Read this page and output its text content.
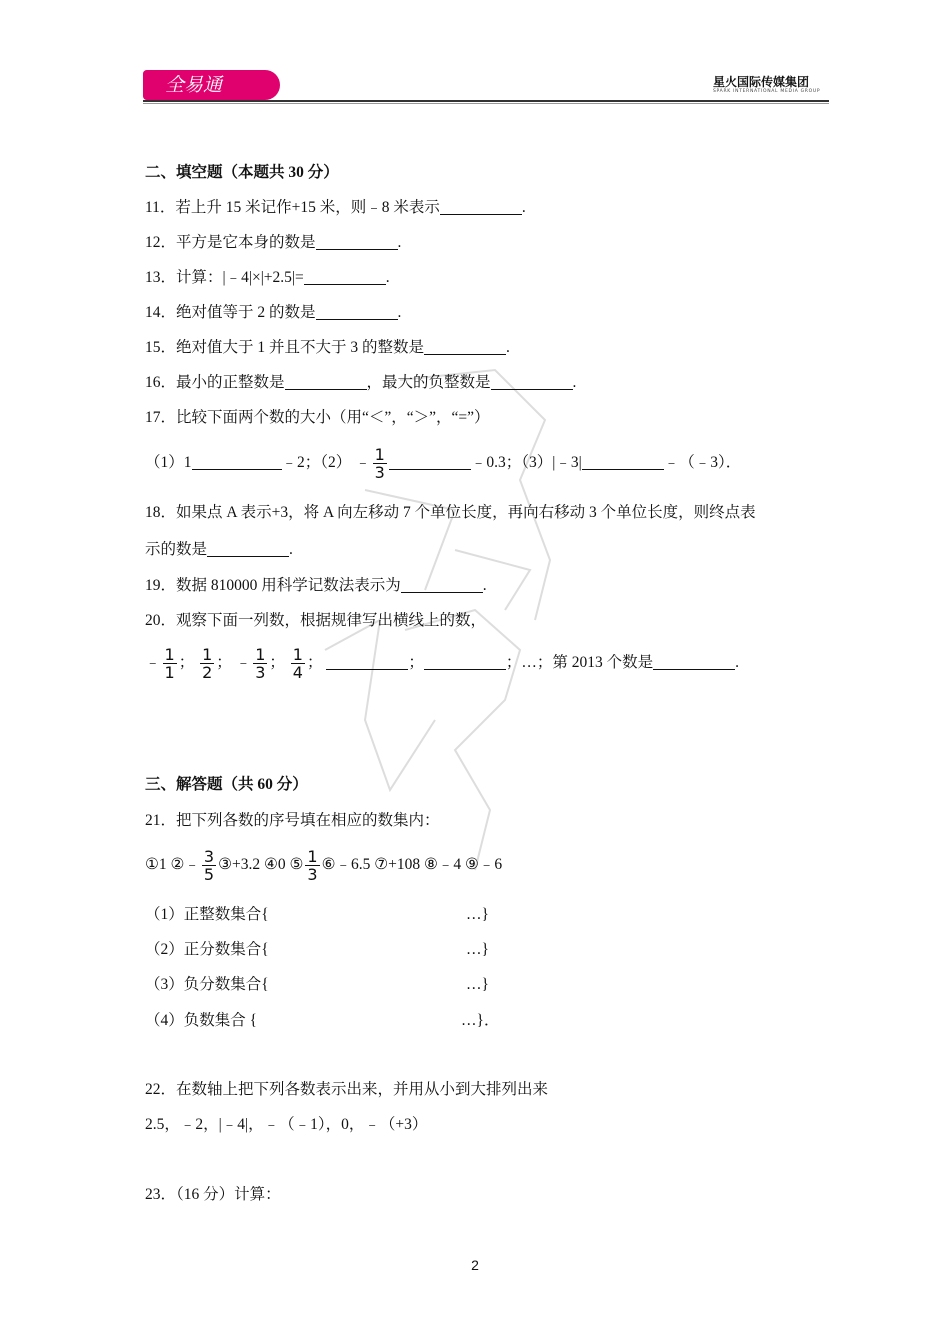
全易通	星火国际传媒集团
SPARK INTERNATIONAL MEDIA GROUP
二、填空题（本题共 30 分）
11．若上升 15 米记作+15 米，则﹣8 米表示	.
12．平方是它本身的数是	.
13．计算：|﹣4|×|+2.5|=	.
14．绝对值等于 2 的数是	.
15．绝对值大于 1 并且不大于 3 的整数是	.
16．最小的正整数是	，最大的负整数是	.
17．比较下面两个数的大小（用“＜”，“＞”，“=”）
（1）1	﹣2；（2） ﹣ $\frac{1}{3}$	﹣0.3；（3）|﹣3|	﹣（﹣3）．
18．如果点 A 表示+3，将 A 向左移动 7 个单位长度，再向右移动 3 个单位长度，则终点表
示的数是	.
19．数据 810000 用科学记数法表示为	.
20．观察下面一列数，根据规律写出横线上的数，
﹣ $\frac{1}{1}$ ； $\frac{1}{2}$ ； ﹣ $\frac{1}{3}$ ； $\frac{1}{4}$ ；	；	；…；第 2013 个数是	.
三、解答题（共 60 分）
21．把下列各数的序号填在相应的数集内：
①1 ②﹣ $\frac{3}{5}$ ③+3.2 ④0 ⑤ $\frac{1}{3}$ ⑥﹣6.5 ⑦+108 ⑧﹣4 ⑨﹣6
（1）正整数集合{	…}
（2）正分数集合{	…}
（3）负分数集合{	…}
（4）负数集合 {	…}．
22．在数轴上把下列各数表示出来，并用从小到大排列出来
2.5，﹣2，|﹣4|，﹣（﹣1），0，﹣（+3）
23．（16 分）计算：
2
